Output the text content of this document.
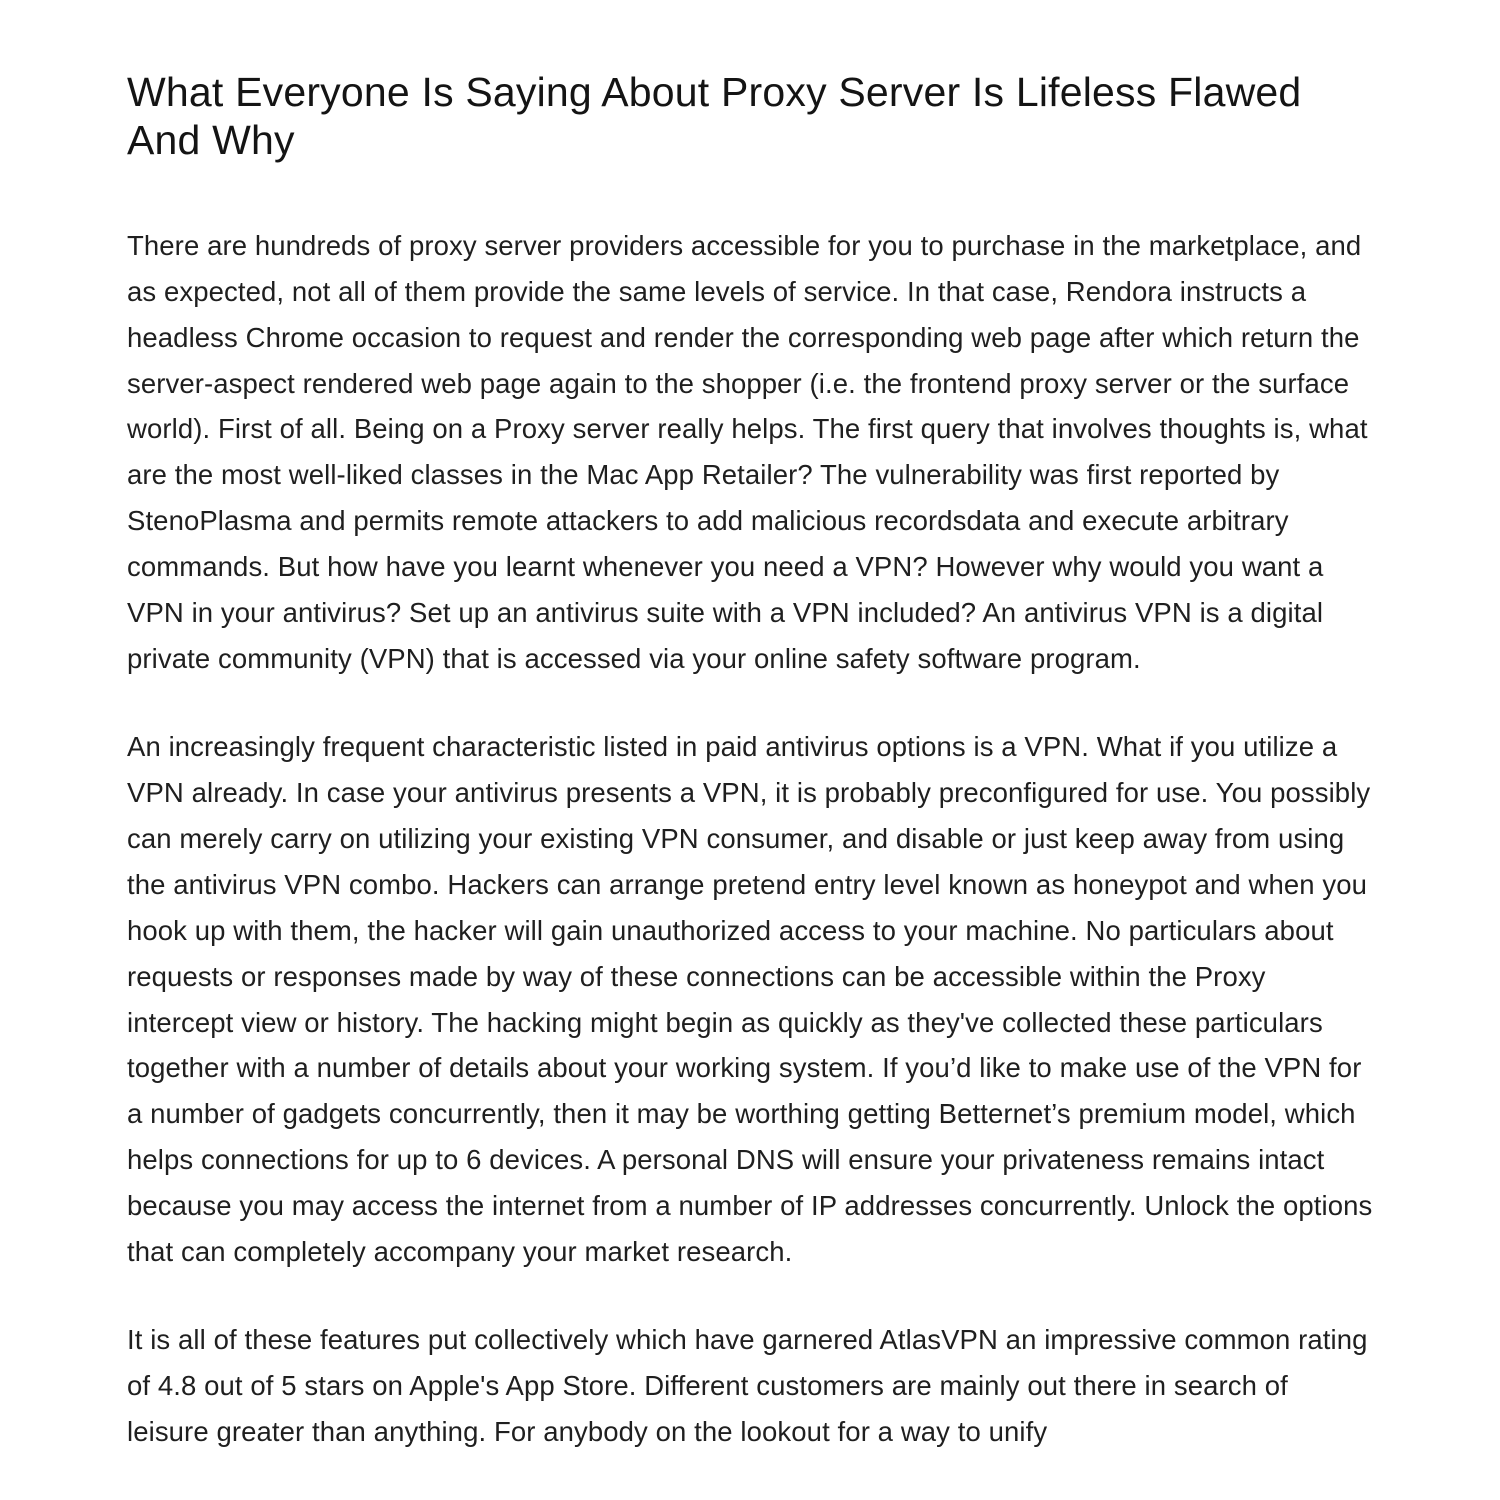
What Everyone Is Saying About Proxy Server Is Lifeless Flawed And Why

There are hundreds of proxy server providers accessible for you to purchase in the marketplace, and as expected, not all of them provide the same levels of service. In that case, Rendora instructs a headless Chrome occasion to request and render the corresponding web page after which return the server-aspect rendered web page again to the shopper (i.e. the frontend proxy server or the surface world). First of all. Being on a Proxy server really helps. The first query that involves thoughts is, what are the most well-liked classes in the Mac App Retailer? The vulnerability was first reported by StenoPlasma and permits remote attackers to add malicious recordsdata and execute arbitrary commands. But how have you learnt whenever you need a VPN? However why would you want a VPN in your antivirus? Set up an antivirus suite with a VPN included? An antivirus VPN is a digital private community (VPN) that is accessed via your online safety software program.

An increasingly frequent characteristic listed in paid antivirus options is a VPN. What if you utilize a VPN already. In case your antivirus presents a VPN, it is probably preconfigured for use. You possibly can merely carry on utilizing your existing VPN consumer, and disable or just keep away from using the antivirus VPN combo. Hackers can arrange pretend entry level known as honeypot and when you hook up with them, the hacker will gain unauthorized access to your machine. No particulars about requests or responses made by way of these connections can be accessible within the Proxy intercept view or history. The hacking might begin as quickly as they've collected these particulars together with a number of details about your working system. If you’d like to make use of the VPN for a number of gadgets concurrently, then it may be worthing getting Betternet’s premium model, which helps connections for up to 6 devices. A personal DNS will ensure your privateness remains intact because you may access the internet from a number of IP addresses concurrently. Unlock the options that can completely accompany your market research.

It is all of these features put collectively which have garnered AtlasVPN an impressive common rating of 4.8 out of 5 stars on Apple's App Store. Different customers are mainly out there in search of leisure greater than anything. For anybody on the lookout for a way to unify
